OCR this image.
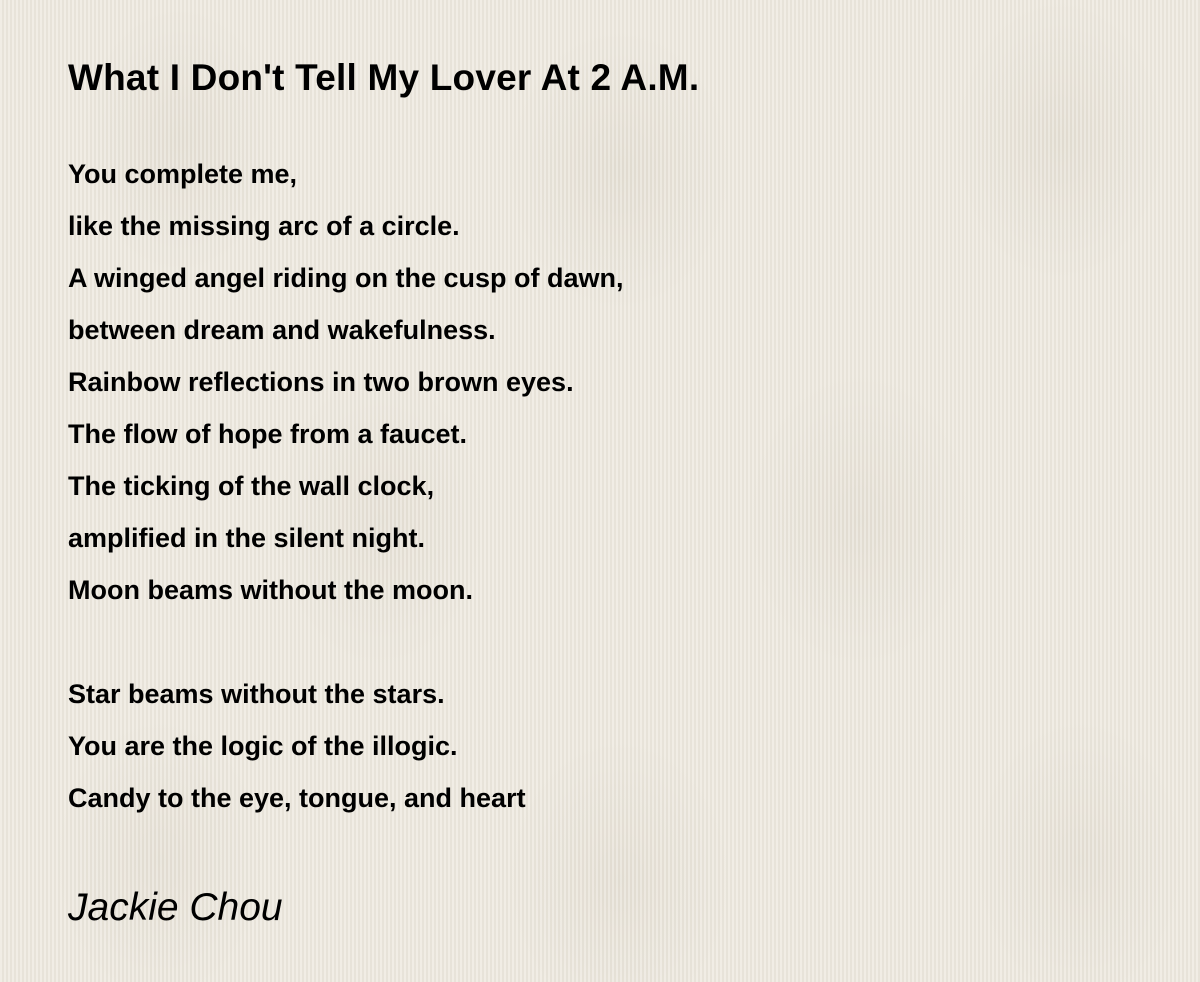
What I Don't Tell My Lover At 2 A.M.
You complete me,
like the missing arc of a circle.
A winged angel riding on the cusp of dawn,
between dream and wakefulness.
Rainbow reflections in two brown eyes.
The flow of hope from a faucet.
The ticking of the wall clock,
amplified in the silent night.
Moon beams without the moon.
Star beams without the stars.
You are the logic of the illogic.
Candy to the eye, tongue, and heart
Jackie Chou
